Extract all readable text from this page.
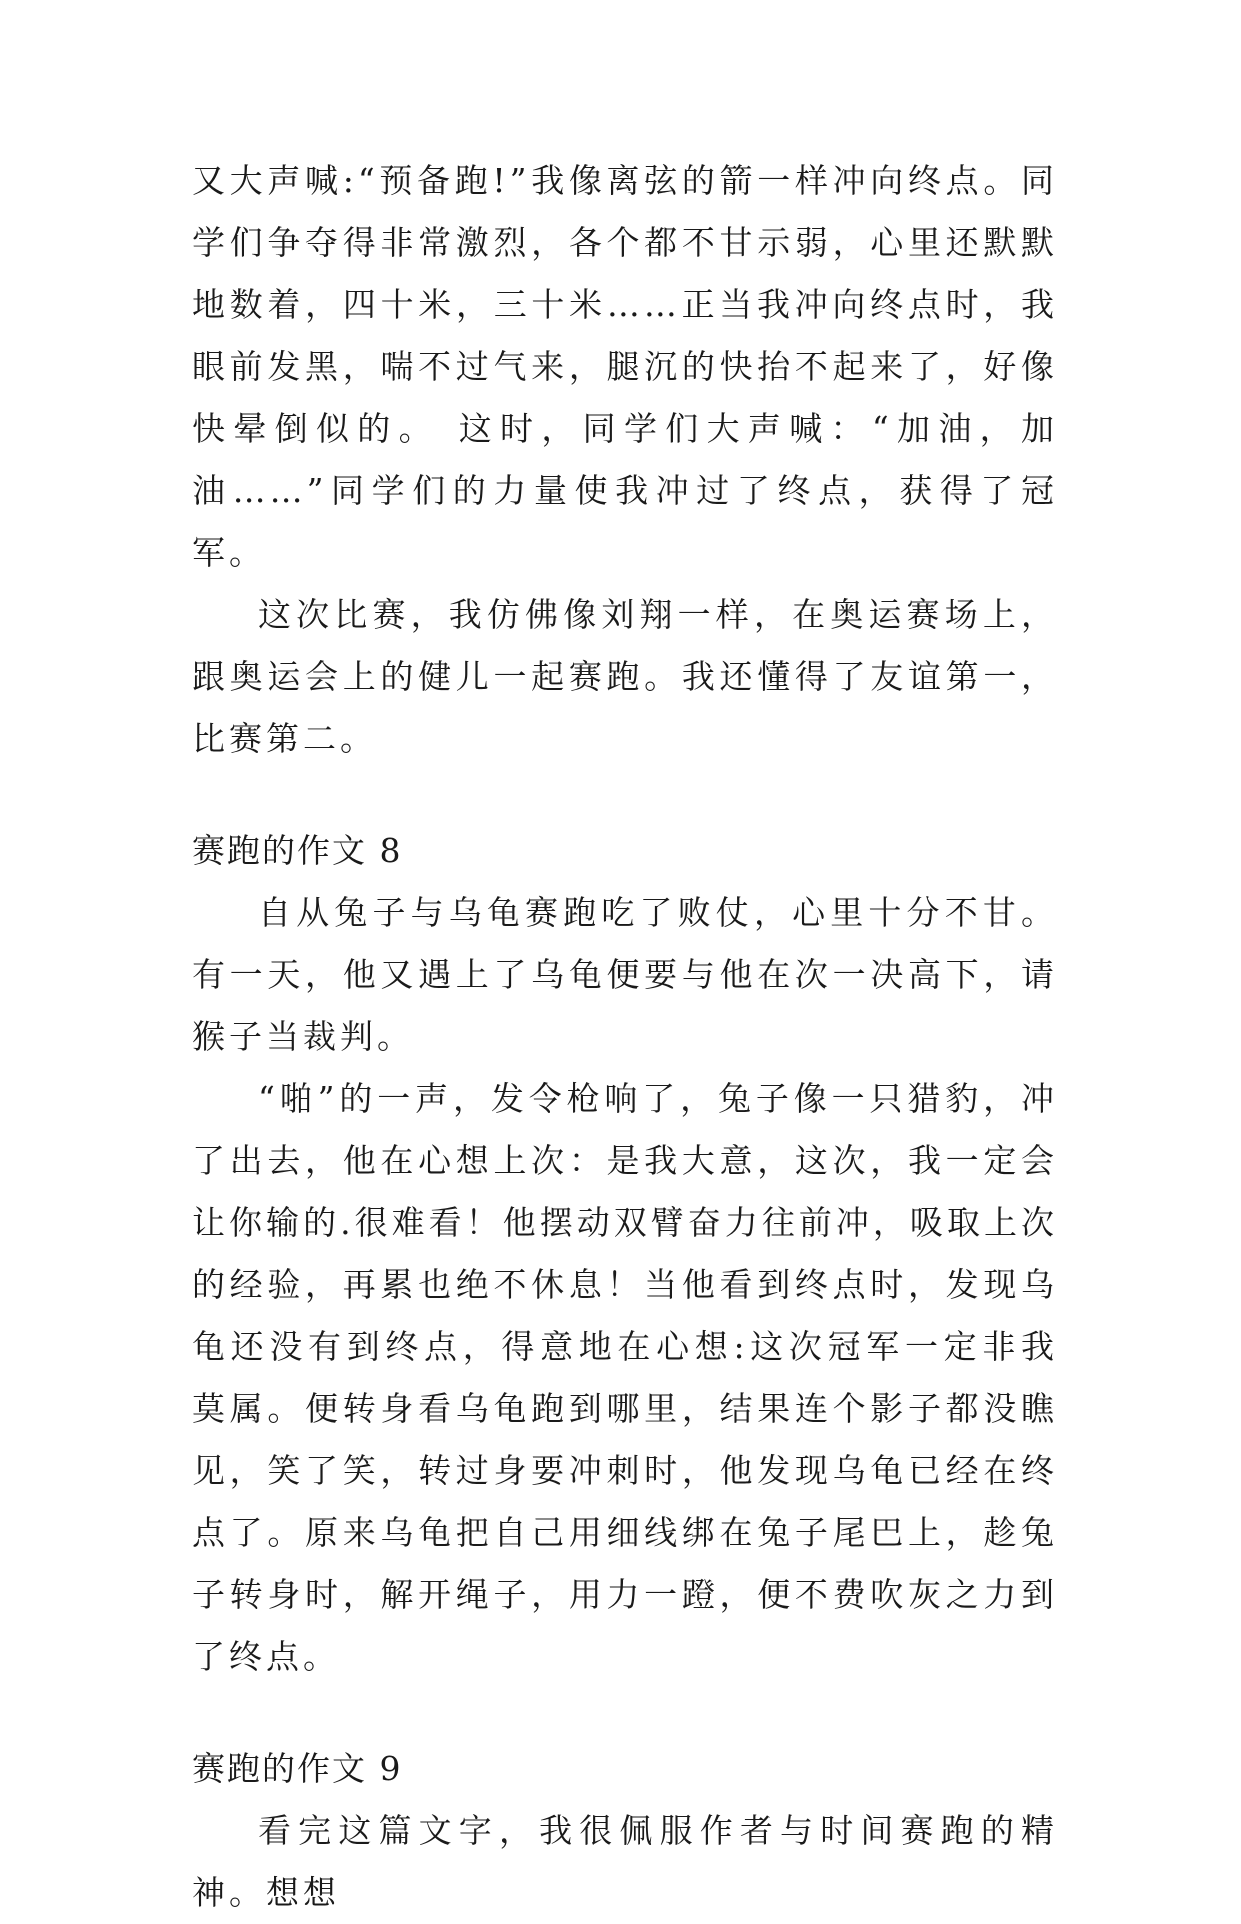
又大声喊:“预备跑!”我像离弦的箭一样冲向终点。同学们争夺得非常激烈，各个都不甘示弱，心里还默默地数着，四十米，三十米……正当我冲向终点时，我眼前发黑，喘不过气来，腿沉的快抬不起来了，好像快晕倒似的。 这时，同学们大声喊：“加油，加油……”同学们的力量使我冲过了终点，获得了冠军。

这次比赛，我仿佛像刘翔一样，在奥运赛场上，跟奥运会上的健儿一起赛跑。我还懂得了友谊第一，比赛第二。

赛跑的作文 8

自从兔子与乌龟赛跑吃了败仗，心里十分不甘。有一天，他又遇上了乌龟便要与他在次一决高下，请猴子当裁判。

“啪”的一声，发令枪响了，兔子像一只猎豹，冲了出去，他在心想上次：是我大意，这次，我一定会让你输的.很难看！他摆动双臂奋力往前冲，吸取上次的经验，再累也绝不休息！当他看到终点时，发现乌龟还没有到终点，得意地在心想:这次冠军一定非我莫属。便转身看乌龟跑到哪里，结果连个影子都没瞧见，笑了笑，转过身要冲刺时，他发现乌龟已经在终点了。原来乌龟把自己用细线绑在兔子尾巴上，趁兔子转身时，解开绳子，用力一蹬，便不费吹灰之力到了终点。

赛跑的作文 9

看完这篇文字，我很佩服作者与时间赛跑的精神。想想
